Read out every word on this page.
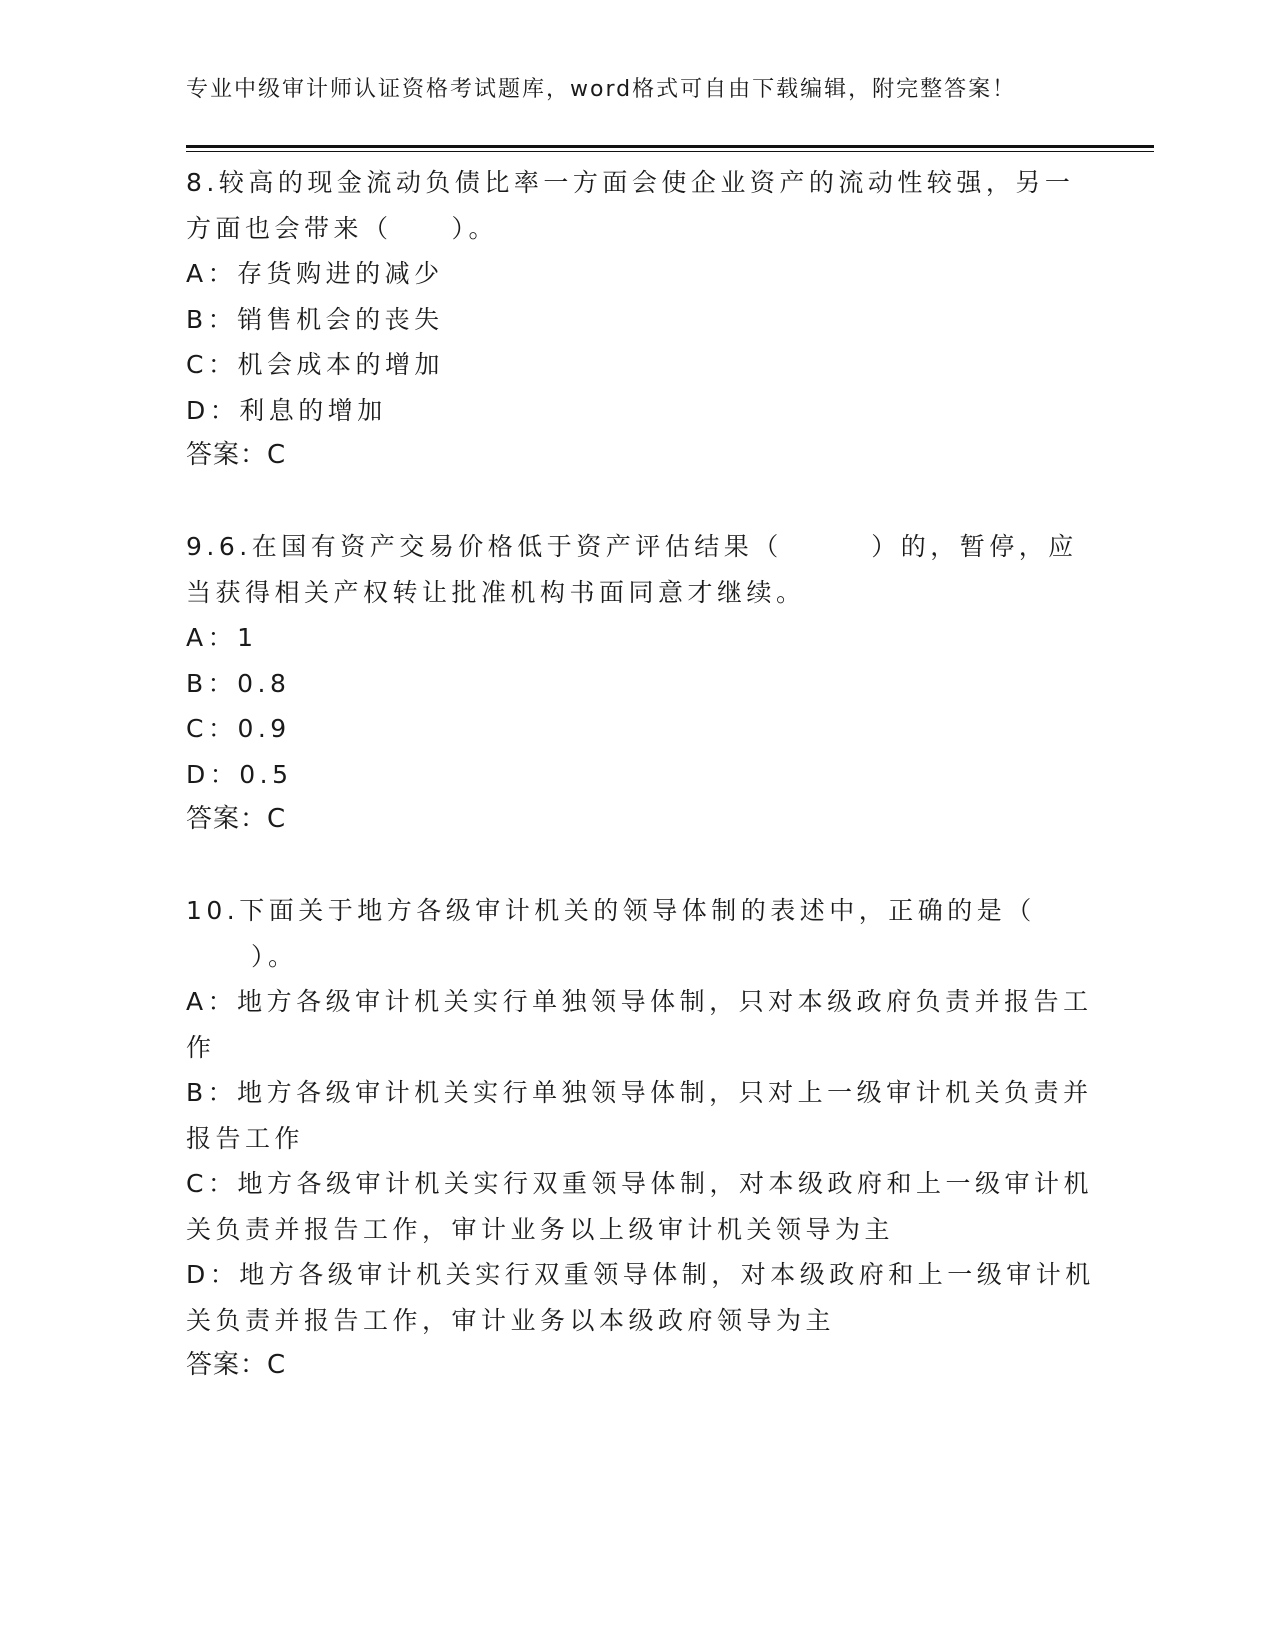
专业中级审计师认证资格考试题库，word格式可自由下载编辑，附完整答案！
8.较高的现金流动负债比率一方面会使企业资产的流动性较强，另一
方面也会带来（　　）。
A：存货购进的减少
B：销售机会的丧失
C：机会成本的增加
D：利息的增加
答案：C
9.6.在国有资产交易价格低于资产评估结果（　　　）的，暂停，应
当获得相关产权转让批准机构书面同意才继续。
A：1
B：0.8
C：0.9
D：0.5
答案：C
10.下面关于地方各级审计机关的领导体制的表述中，正确的是（
）。
A：地方各级审计机关实行单独领导体制，只对本级政府负责并报告工
作
B：地方各级审计机关实行单独领导体制，只对上一级审计机关负责并
报告工作
C：地方各级审计机关实行双重领导体制，对本级政府和上一级审计机
关负责并报告工作，审计业务以上级审计机关领导为主
D：地方各级审计机关实行双重领导体制，对本级政府和上一级审计机
关负责并报告工作，审计业务以本级政府领导为主
答案：C
